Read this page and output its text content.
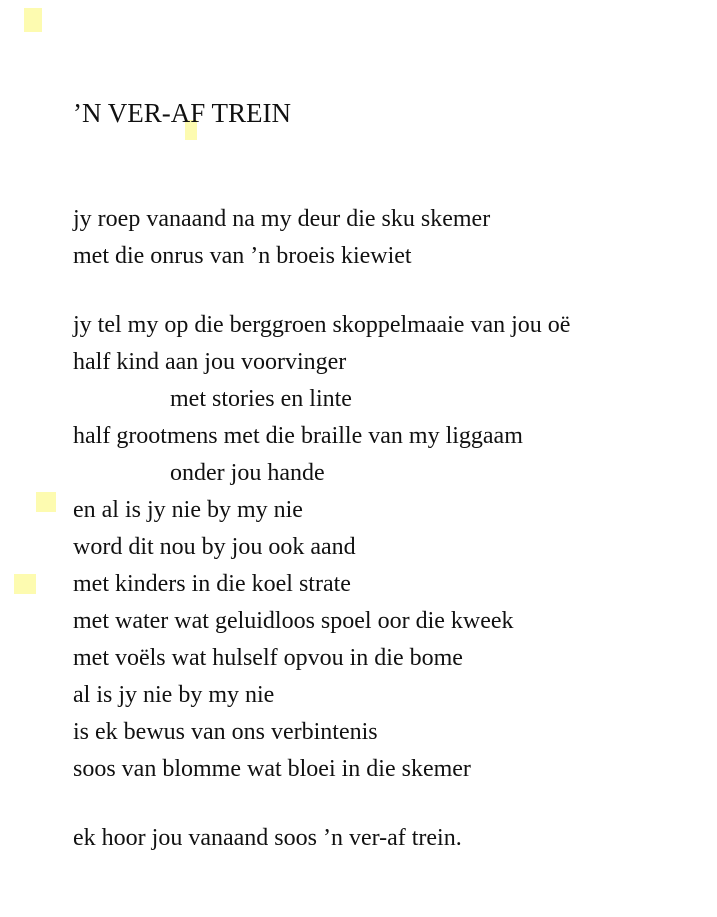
’N VER-AF TREIN
jy roep vanaand na my deur die sku skemer
met die onrus van ’n broeis kiewiet
jy tel my op die berggroen skoppelmaaie van jou oë
half kind aan jou voorvinger
met stories en linte
half grootmens met die braille van my liggaam
onder jou hande
en al is jy nie by my nie
word dit nou by jou ook aand
met kinders in die koel strate
met water wat geluidloos spoel oor die kweek
met voëls wat hulself opvou in die bome
al is jy nie by my nie
is ek bewus van ons verbintenis
soos van blomme wat bloei in die skemer
ek hoor jou vanaand soos ’n ver-af trein.
